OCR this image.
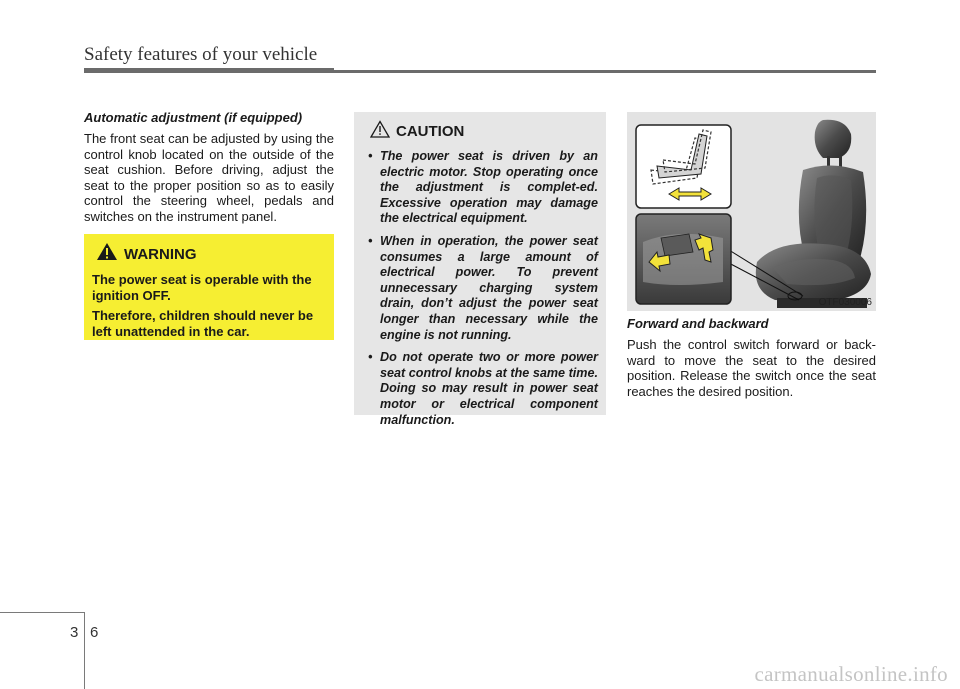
Safety features of your vehicle

Automatic adjustment (if equipped)

The front seat can be adjusted by using the control knob located on the outside of the seat cushion. Before driving, adjust the seat to the proper position so as to easily control the steering wheel, pedals and switches on the instrument panel.

WARNING

The power seat is operable with the ignition OFF.

Therefore, children should never be left unattended in the car.

CAUTION
• The power seat is driven by an electric motor. Stop operating once the adjustment is complet-ed. Excessive operation may damage the electrical equipment.
• When in operation, the power seat consumes a large amount of electrical power. To prevent unnecessary charging system drain, don’t adjust the power seat longer than necessary while the engine is not running.
• Do not operate two or more power seat control knobs at the same time. Doing so may result in power seat motor or electrical component malfunction.
OTF030006

Forward and backward

Push the control switch forward or back-ward to move the seat to the desired position. Release the switch once the seat reaches the desired position.

3 6
carmanualsonline.info
